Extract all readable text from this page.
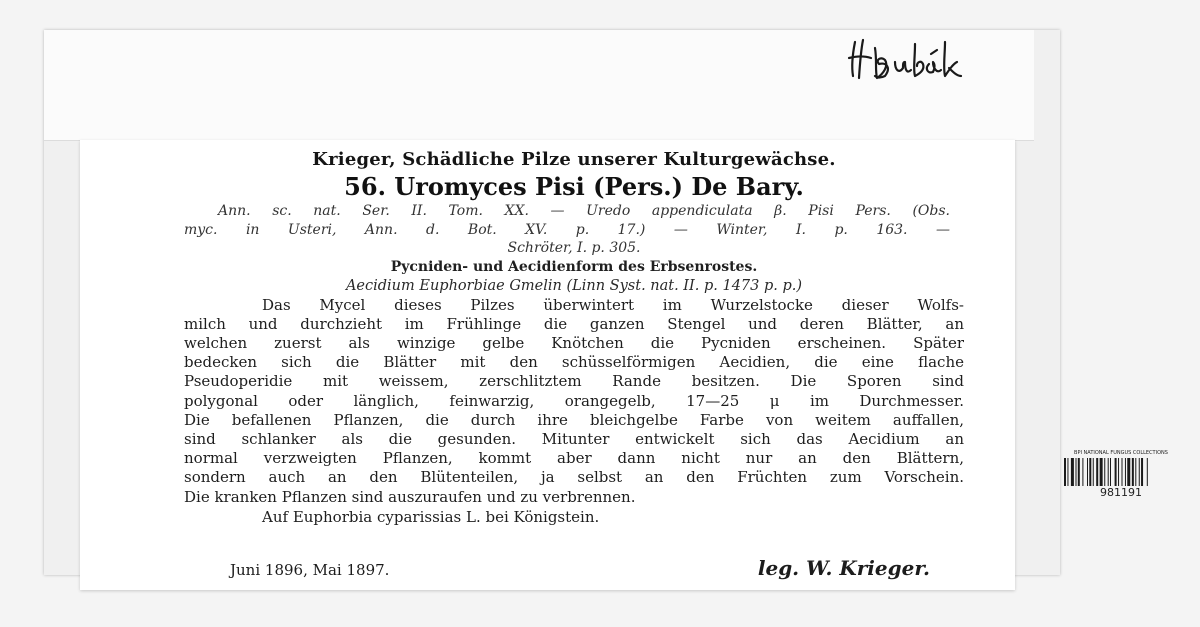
Krieger, Schädliche Pilze unserer Kulturgewächse.
56. Uromyces Pisi (Pers.) De Bary.
Ann. sc. nat. Ser. II. Tom. XX. — Uredo appendiculata β. Pisi Pers. (Obs.
myc. in Usteri, Ann. d. Bot. XV. p. 17.) — Winter, I. p. 163. —
Schröter, I. p. 305.
Pycniden- und Aecidienform des Erbsenrostes.
Aecidium Euphorbiae Gmelin (Linn Syst. nat. II. p. 1473 p. p.)
Das Mycel dieses Pilzes überwintert im Wurzelstocke dieser Wolfs-
milch und durchzieht im Frühlinge die ganzen Stengel und deren Blätter, an
welchen zuerst als winzige gelbe Knötchen die Pycniden erscheinen. Später
bedecken sich die Blätter mit den schüsselförmigen Aecidien, die eine flache
Pseudoperidie mit weissem, zerschlitztem Rande besitzen. Die Sporen sind
polygonal oder länglich, feinwarzig, orangegelb, 17—25 μ im Durchmesser.
Die befallenen Pflanzen, die durch ihre bleichgelbe Farbe von weitem auffallen,
sind schlanker als die gesunden. Mitunter entwickelt sich das Aecidium an
normal verzweigten Pflanzen, kommt aber dann nicht nur an den Blättern,
sondern auch an den Blütenteilen, ja selbst an den Früchten zum Vorschein.
Die kranken Pflanzen sind auszuraufen und zu verbrennen.
Auf Euphorbia cyparissias L. bei Königstein.
Juni 1896, Mai 1897.	leg. W. Krieger.
BPI NATIONAL FUNGUS COLLECTIONS
981191
